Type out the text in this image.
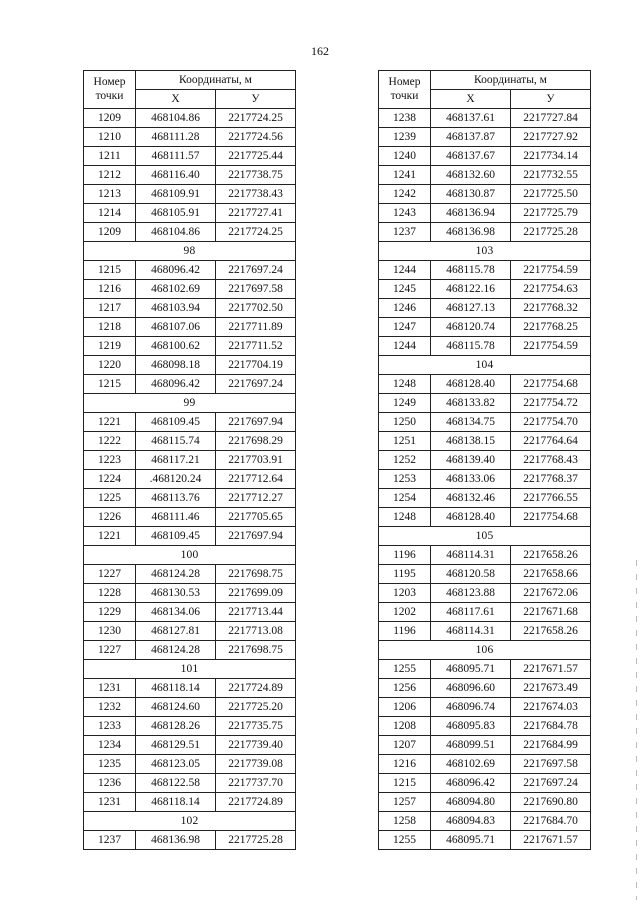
162
Номер
точки	Координаты, м	
	X	У
1209	468104.86	2217724.25
1210	468111.28	2217724.56
1211	468111.57	2217725.44
1212	468116.40	2217738.75
1213	468109.91	2217738.43
1214	468105.91	2217727.41
1209	468104.86	2217724.25
98		
1215	468096.42	2217697.24
1216	468102.69	2217697.58
1217	468103.94	2217702.50
1218	468107.06	2217711.89
1219	468100.62	2217711.52
1220	468098.18	2217704.19
1215	468096.42	2217697.24
99		
1221	468109.45	2217697.94
1222	468115.74	2217698.29
1223	468117.21	2217703.91
1224	.468120.24	2217712.64
1225	468113.76	2217712.27
1226	468111.46	2217705.65
1221	468109.45	2217697.94
100		
1227	468124.28	2217698.75
1228	468130.53	2217699.09
1229	468134.06	2217713.44
1230	468127.81	2217713.08
1227	468124.28	2217698.75
101		
1231	468118.14	2217724.89
1232	468124.60	2217725.20
1233	468128.26	2217735.75
1234	468129.51	2217739.40
1235	468123.05	2217739.08
1236	468122.58	2217737.70
1231	468118.14	2217724.89
102		
1237	468136.98	2217725.28
Номер
точки	Координаты, м	
	X	У
1238	468137.61	2217727.84
1239	468137.87	2217727.92
1240	468137.67	2217734.14
1241	468132.60	2217732.55
1242	468130.87	2217725.50
1243	468136.94	2217725.79
1237	468136.98	2217725.28
103		
1244	468115.78	2217754.59
1245	468122.16	2217754.63
1246	468127.13	2217768.32
1247	468120.74	2217768.25
1244	468115.78	2217754.59
104		
1248	468128.40	2217754.68
1249	468133.82	2217754.72
1250	468134.75	2217754.70
1251	468138.15	2217764.64
1252	468139.40	2217768.43
1253	468133.06	2217768.37
1254	468132.46	2217766.55
1248	468128.40	2217754.68
105		
1196	468114.31	2217658.26
1195	468120.58	2217658.66
1203	468123.88	2217672.06
1202	468117.61	2217671.68
1196	468114.31	2217658.26
106		
1255	468095.71	2217671.57
1256	468096.60	2217673.49
1206	468096.74	2217674.03
1208	468095.83	2217684.78
1207	468099.51	2217684.99
1216	468102.69	2217697.58
1215	468096.42	2217697.24
1257	468094.80	2217690.80
1258	468094.83	2217684.70
1255	468095.71	2217671.57
